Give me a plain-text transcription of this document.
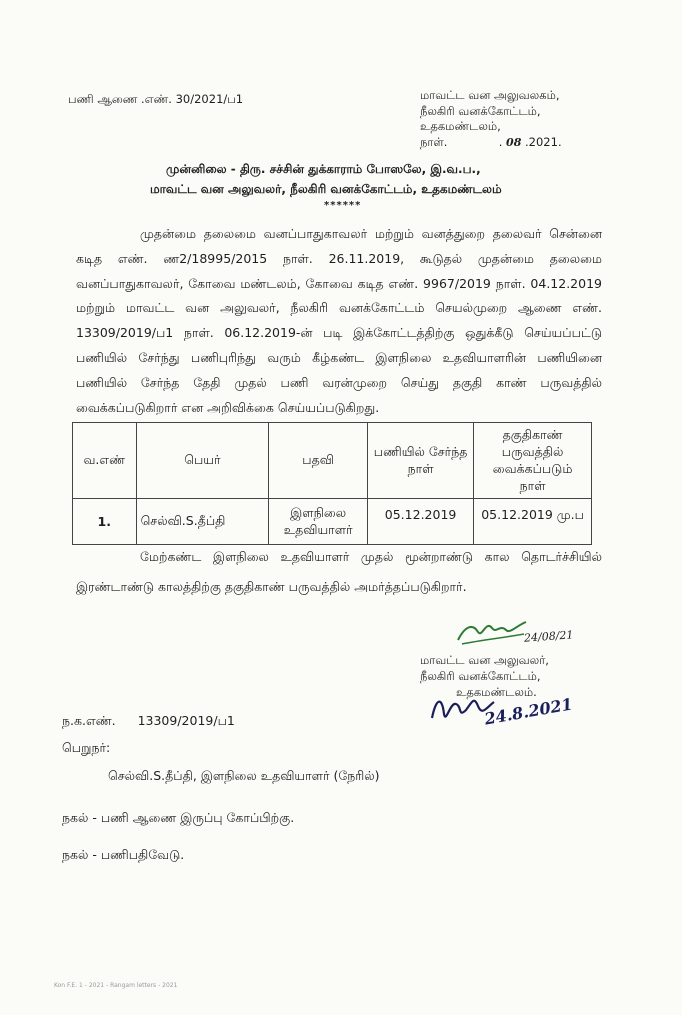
பணி ஆணை .எண். 30/2021/ப1	மாவட்ட வன அலுவலகம்,
நீலகிரி வனக்கோட்டம்,
உதகமண்டலம்,
நாள்.	. 08 .2021.
முன்னிலை - திரு. சச்சின் துக்காராம் போஸலே, இ.வ.ப.,
மாவட்ட வன அலுவலர், நீலகிரி வனக்கோட்டம், உதகமண்டலம்
******
முதன்மை தலைமை வனப்பாதுகாவலர் மற்றும் வனத்துறை தலைவர் சென்னை
கடித எண். ண2/18995/2015 நாள். 26.11.2019, கூடுதல் முதன்மை தலைமை
வனப்பாதுகாவலர், கோவை மண்டலம், கோவை கடித எண். 9967/2019 நாள். 04.12.2019
மற்றும் மாவட்ட வன அலுவலர், நீலகிரி வனக்கோட்டம் செயல்முறை ஆணை எண்.
13309/2019/ப1 நாள். 06.12.2019-ன் படி இக்கோட்டத்திற்கு ஒதுக்கீடு செய்யப்பட்டு
பணியில் சேர்ந்து பணிபுரிந்து வரும் கீழ்கண்ட இளநிலை உதவியாளரின் பணியினை
பணியில் சேர்ந்த தேதி முதல் பணி வரன்முறை செய்து தகுதி காண் பருவத்தில்
வைக்கப்படுகிறார் என அறிவிக்கை செய்யப்படுகிறது.
வ.எண்	பெயர்	பதவி	பணியில் சேர்ந்த நாள்	தகுதிகாண் பருவத்தில் வைக்கப்படும் நாள்
1.	செல்வி.S.தீப்தி	இளநிலை உதவியாளர்	05.12.2019	05.12.2019 மு.ப
மேற்கண்ட இளநிலை உதவியாளர் முதல் மூன்றாண்டு கால தொடர்ச்சியில்
இரண்டாண்டு காலத்திற்கு தகுதிகாண் பருவத்தில் அமர்த்தப்படுகிறார்.
24/08/21
மாவட்ட வன அலுவலர்,
நீலகிரி வனக்கோட்டம்,
உதகமண்டலம்.
24.8.2021
ந.க.எண். 13309/2019/ப1
பெறுநர்:
செல்வி.S.தீப்தி, இளநிலை உதவியாளர் (நேரில்)
நகல் - பணி ஆணை இருப்பு கோப்பிற்கு.
நகல் - பணிபதிவேடு.
Kon F.E. 1 - 2021 - Rangam letters - 2021
